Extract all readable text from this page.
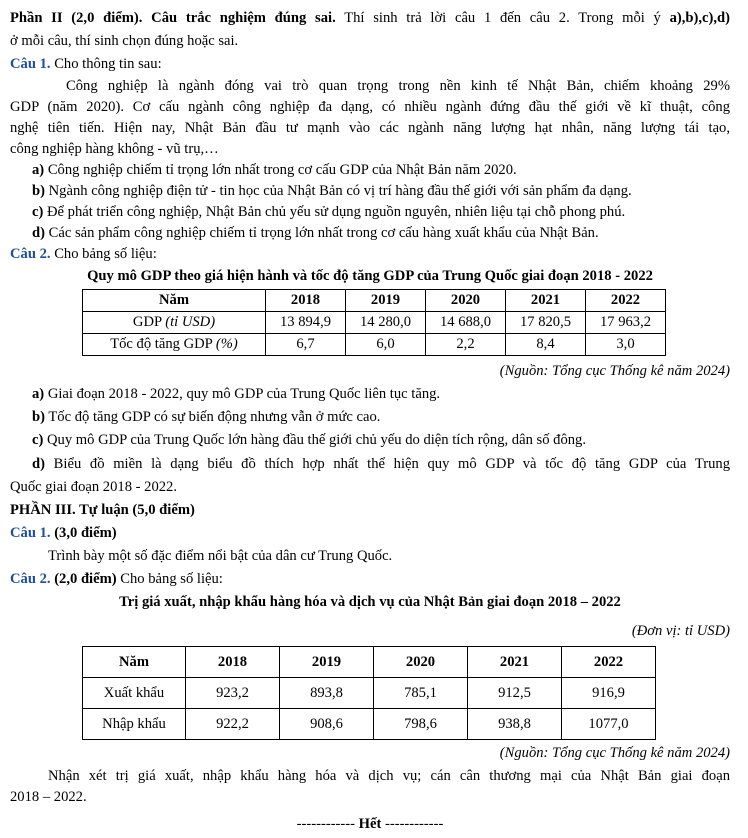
Phần II (2,0 điểm). Câu trắc nghiệm đúng sai. Thí sinh trả lời câu 1 đến câu 2. Trong mỗi ý a),b),c),d)
ở mỗi câu, thí sinh chọn đúng hoặc sai.
Câu 1. Cho thông tin sau:
Công nghiệp là ngành đóng vai trò quan trọng trong nền kinh tế Nhật Bản, chiếm khoảng 29%
GDP (năm 2020). Cơ cấu ngành công nghiệp đa dạng, có nhiều ngành đứng đầu thế giới về kĩ thuật, công
nghệ tiên tiến. Hiện nay, Nhật Bản đầu tư mạnh vào các ngành năng lượng hạt nhân, năng lượng tái tạo,
công nghiệp hàng không - vũ trụ,…
a) Công nghiệp chiếm tỉ trọng lớn nhất trong cơ cấu GDP của Nhật Bản năm 2020.
b) Ngành công nghiệp điện tử - tin học của Nhật Bản có vị trí hàng đầu thế giới với sản phẩm đa dạng.
c) Để phát triển công nghiệp, Nhật Bản chủ yếu sử dụng nguồn nguyên, nhiên liệu tại chỗ phong phú.
d) Các sản phẩm công nghiệp chiếm tỉ trọng lớn nhất trong cơ cấu hàng xuất khẩu của Nhật Bản.
Câu 2. Cho bảng số liệu:
Quy mô GDP theo giá hiện hành và tốc độ tăng GDP của Trung Quốc giai đoạn 2018 - 2022
Năm	2018	2019	2020	2021	2022
GDP (tỉ USD)	13 894,9	14 280,0	14 688,0	17 820,5	17 963,2
Tốc độ tăng GDP (%)	6,7	6,0	2,2	8,4	3,0
(Nguồn: Tổng cục Thống kê năm 2024)
a) Giai đoạn 2018 - 2022, quy mô GDP của Trung Quốc liên tục tăng.
b) Tốc độ tăng GDP có sự biến động nhưng vẫn ở mức cao.
c) Quy mô GDP của Trung Quốc lớn hàng đầu thế giới chủ yếu do diện tích rộng, dân số đông.
d) Biểu đồ miền là dạng biểu đồ thích hợp nhất thể hiện quy mô GDP và tốc độ tăng GDP của Trung
Quốc giai đoạn 2018 - 2022.
PHẦN III. Tự luận (5,0 điểm)
Câu 1. (3,0 điểm)
Trình bày một số đặc điểm nổi bật của dân cư Trung Quốc.
Câu 2. (2,0 điểm) Cho bảng số liệu:
Trị giá xuất, nhập khẩu hàng hóa và dịch vụ của Nhật Bản giai đoạn 2018 – 2022
(Đơn vị: tỉ USD)
Năm	2018	2019	2020	2021	2022
Xuất khẩu	923,2	893,8	785,1	912,5	916,9
Nhập khẩu	922,2	908,6	798,6	938,8	1077,0
(Nguồn: Tổng cục Thống kê năm 2024)
Nhận xét trị giá xuất, nhập khẩu hàng hóa và dịch vụ; cán cân thương mại của Nhật Bản giai đoạn
2018 – 2022.
------------ Hết ------------
